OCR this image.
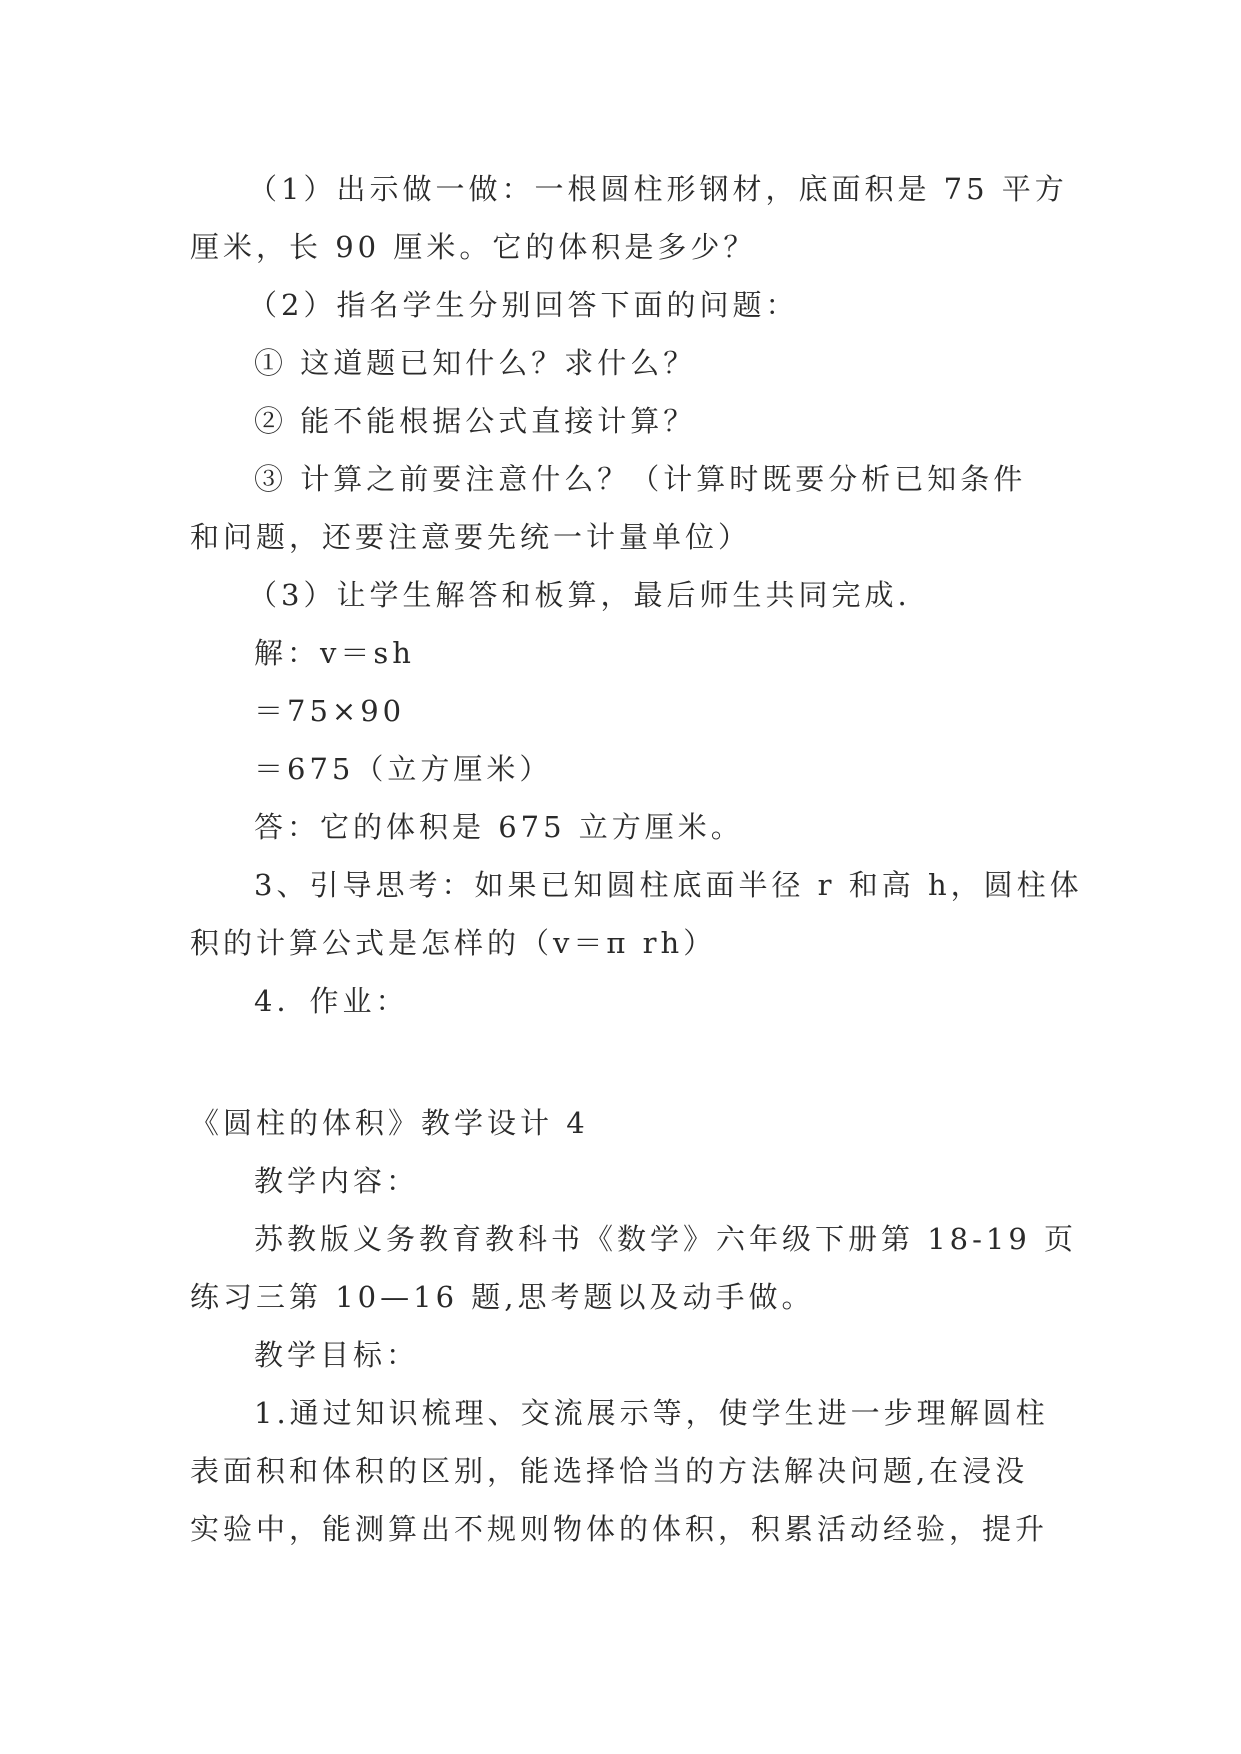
（1）出示做一做：一根圆柱形钢材，底面积是 75 平方

厘米，长 90 厘米。它的体积是多少？

（2）指名学生分别回答下面的问题：

① 这道题已知什么？求什么？

② 能不能根据公式直接计算？

③ 计算之前要注意什么？（计算时既要分析已知条件

和问题，还要注意要先统一计量单位）

（3）让学生解答和板算，最后师生共同完成.

解：v＝sh

＝75×90

＝675（立方厘米）

答：它的体积是 675 立方厘米。

3、引导思考：如果已知圆柱底面半径 r 和高 h，圆柱体

积的计算公式是怎样的（v＝π rh）

4．作业：

《圆柱的体积》教学设计 4

教学内容：

苏教版义务教育教科书《数学》六年级下册第 18-19 页

练习三第 10—16 题,思考题以及动手做。

教学目标：

1.通过知识梳理、交流展示等，使学生进一步理解圆柱

表面积和体积的区别，能选择恰当的方法解决问题,在浸没

实验中，能测算出不规则物体的体积，积累活动经验，提升
